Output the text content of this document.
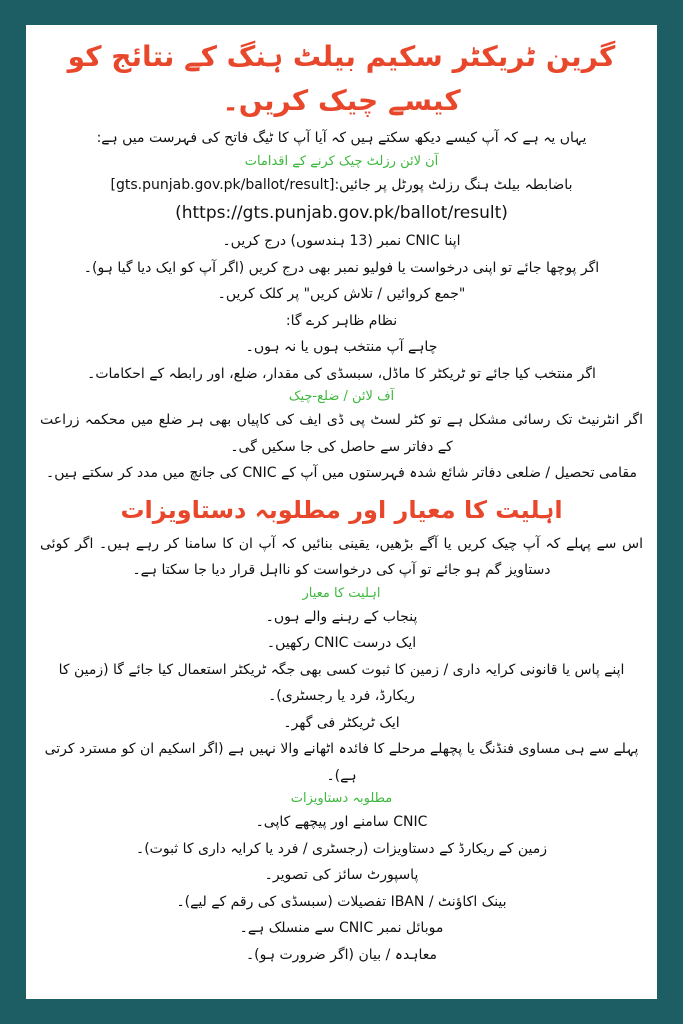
گرین ٹریکٹر سکیم بیلٹ ہنگ کے نتائج کو کیسے چیک کریں۔

یہاں یہ ہے کہ آپ کیسے دیکھ سکتے ہیں کہ آیا آپ کا ٹیگ فاتح کی فہرست میں ہے:

آن لائن رزلٹ چیک کرنے کے اقدامات

باضابطہ بیلٹ ہنگ رزلٹ پورٹل پر جائیں:[gts.punjab.gov.pk/ballot/result]

(https://gts.punjab.gov.pk/ballot/result)

اپنا CNIC نمبر (13 ہندسوں) درج کریں۔

اگر پوچھا جائے تو اپنی درخواست یا فولیو نمبر بھی درج کریں (اگر آپ کو ایک دیا گیا ہو)۔

"جمع کروائیں / تلاش کریں" پر کلک کریں۔

نظام ظاہر کرے گا:

چاہے آپ منتخب ہوں یا نہ ہوں۔

اگر منتخب کیا جائے تو ٹریکٹر کا ماڈل، سبسڈی کی مقدار، ضلع، اور رابطہ کے احکامات۔

آف لائن / ضلع-چیک

اگر انٹرنیٹ تک رسائی مشکل ہے تو کٹر لسٹ پی ڈی ایف کی کاپیاں بھی ہر ضلع میں محکمہ زراعت کے دفاتر سے حاصل کی جا سکیں گی۔

مقامی تحصیل / ضلعی دفاتر شائع شدہ فہرستوں میں آپ کے CNIC کی جانچ میں مدد کر سکتے ہیں۔

اہلیت کا معیار اور مطلوبہ دستاویزات

اس سے پہلے کہ آپ چیک کریں یا آگے بڑھیں، یقینی بنائیں کہ آپ ان کا سامنا کر رہے ہیں۔ اگر کوئی دستاویز گم ہو جائے تو آپ کی درخواست کو نااہل قرار دیا جا سکتا ہے۔

اہلیت کا معیار

پنجاب کے رہنے والے ہوں۔

ایک درست CNIC رکھیں۔

اپنے پاس یا قانونی کرایہ داری / زمین کا ثبوت کسی بھی جگہ ٹریکٹر استعمال کیا جائے گا (زمین کا ریکارڈ، فرد یا رجسٹری)۔

ایک ٹریکٹر فی گھر۔

پہلے سے ہی مساوی فنڈنگ یا پچھلے مرحلے کا فائدہ اٹھانے والا نہیں ہے (اگر اسکیم ان کو مسترد کرتی ہے)۔

مطلوبہ دستاویزات

CNIC سامنے اور پیچھے کاپی۔

زمین کے ریکارڈ کے دستاویزات (رجسٹری / فرد یا کرایہ داری کا ثبوت)۔

پاسپورٹ سائز کی تصویر۔

بینک اکاؤنٹ / IBAN تفصیلات (سبسڈی کی رقم کے لیے)۔

موبائل نمبر CNIC سے منسلک ہے۔

معاہدہ / بیان (اگر ضرورت ہو)۔
